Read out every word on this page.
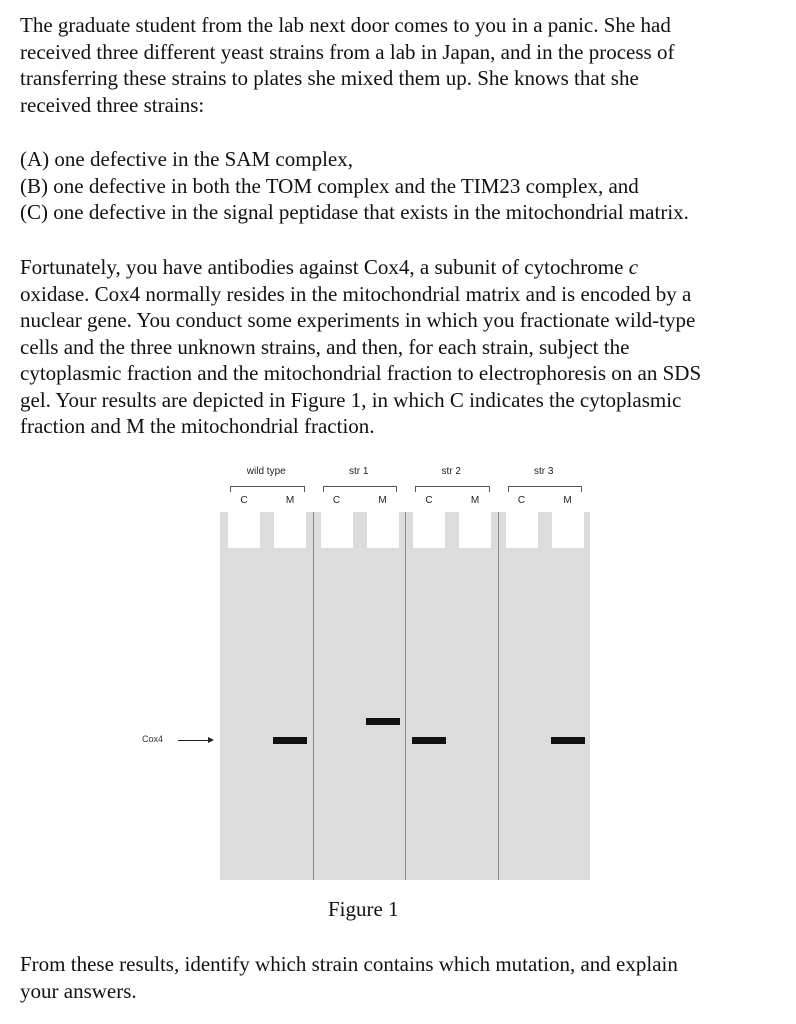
The graduate student from the lab next door comes to you in a panic. She had
received three different yeast strains from a lab in Japan, and in the process of
transferring these strains to plates she mixed them up. She knows that she
received three strains:

(A) one defective in the SAM complex,
(B) one defective in both the TOM complex and the TIM23 complex, and
(C) one defective in the signal peptidase that exists in the mitochondrial matrix.

Fortunately, you have antibodies against Cox4, a subunit of cytochrome c
oxidase. Cox4 normally resides in the mitochondrial matrix and is encoded by a
nuclear gene. You conduct some experiments in which you fractionate wild-type
cells and the three unknown strains, and then, for each strain, subject the
cytoplasmic fraction and the mitochondrial fraction to electrophoresis on an SDS
gel. Your results are depicted in Figure 1, in which C indicates the cytoplasmic
fraction and M the mitochondrial fraction.

wild type
C	M
str 1
C	M
str 2
C	M
str 3
C	M
Cox4
Figure 1

From these results, identify which strain contains which mutation, and explain
your answers.
